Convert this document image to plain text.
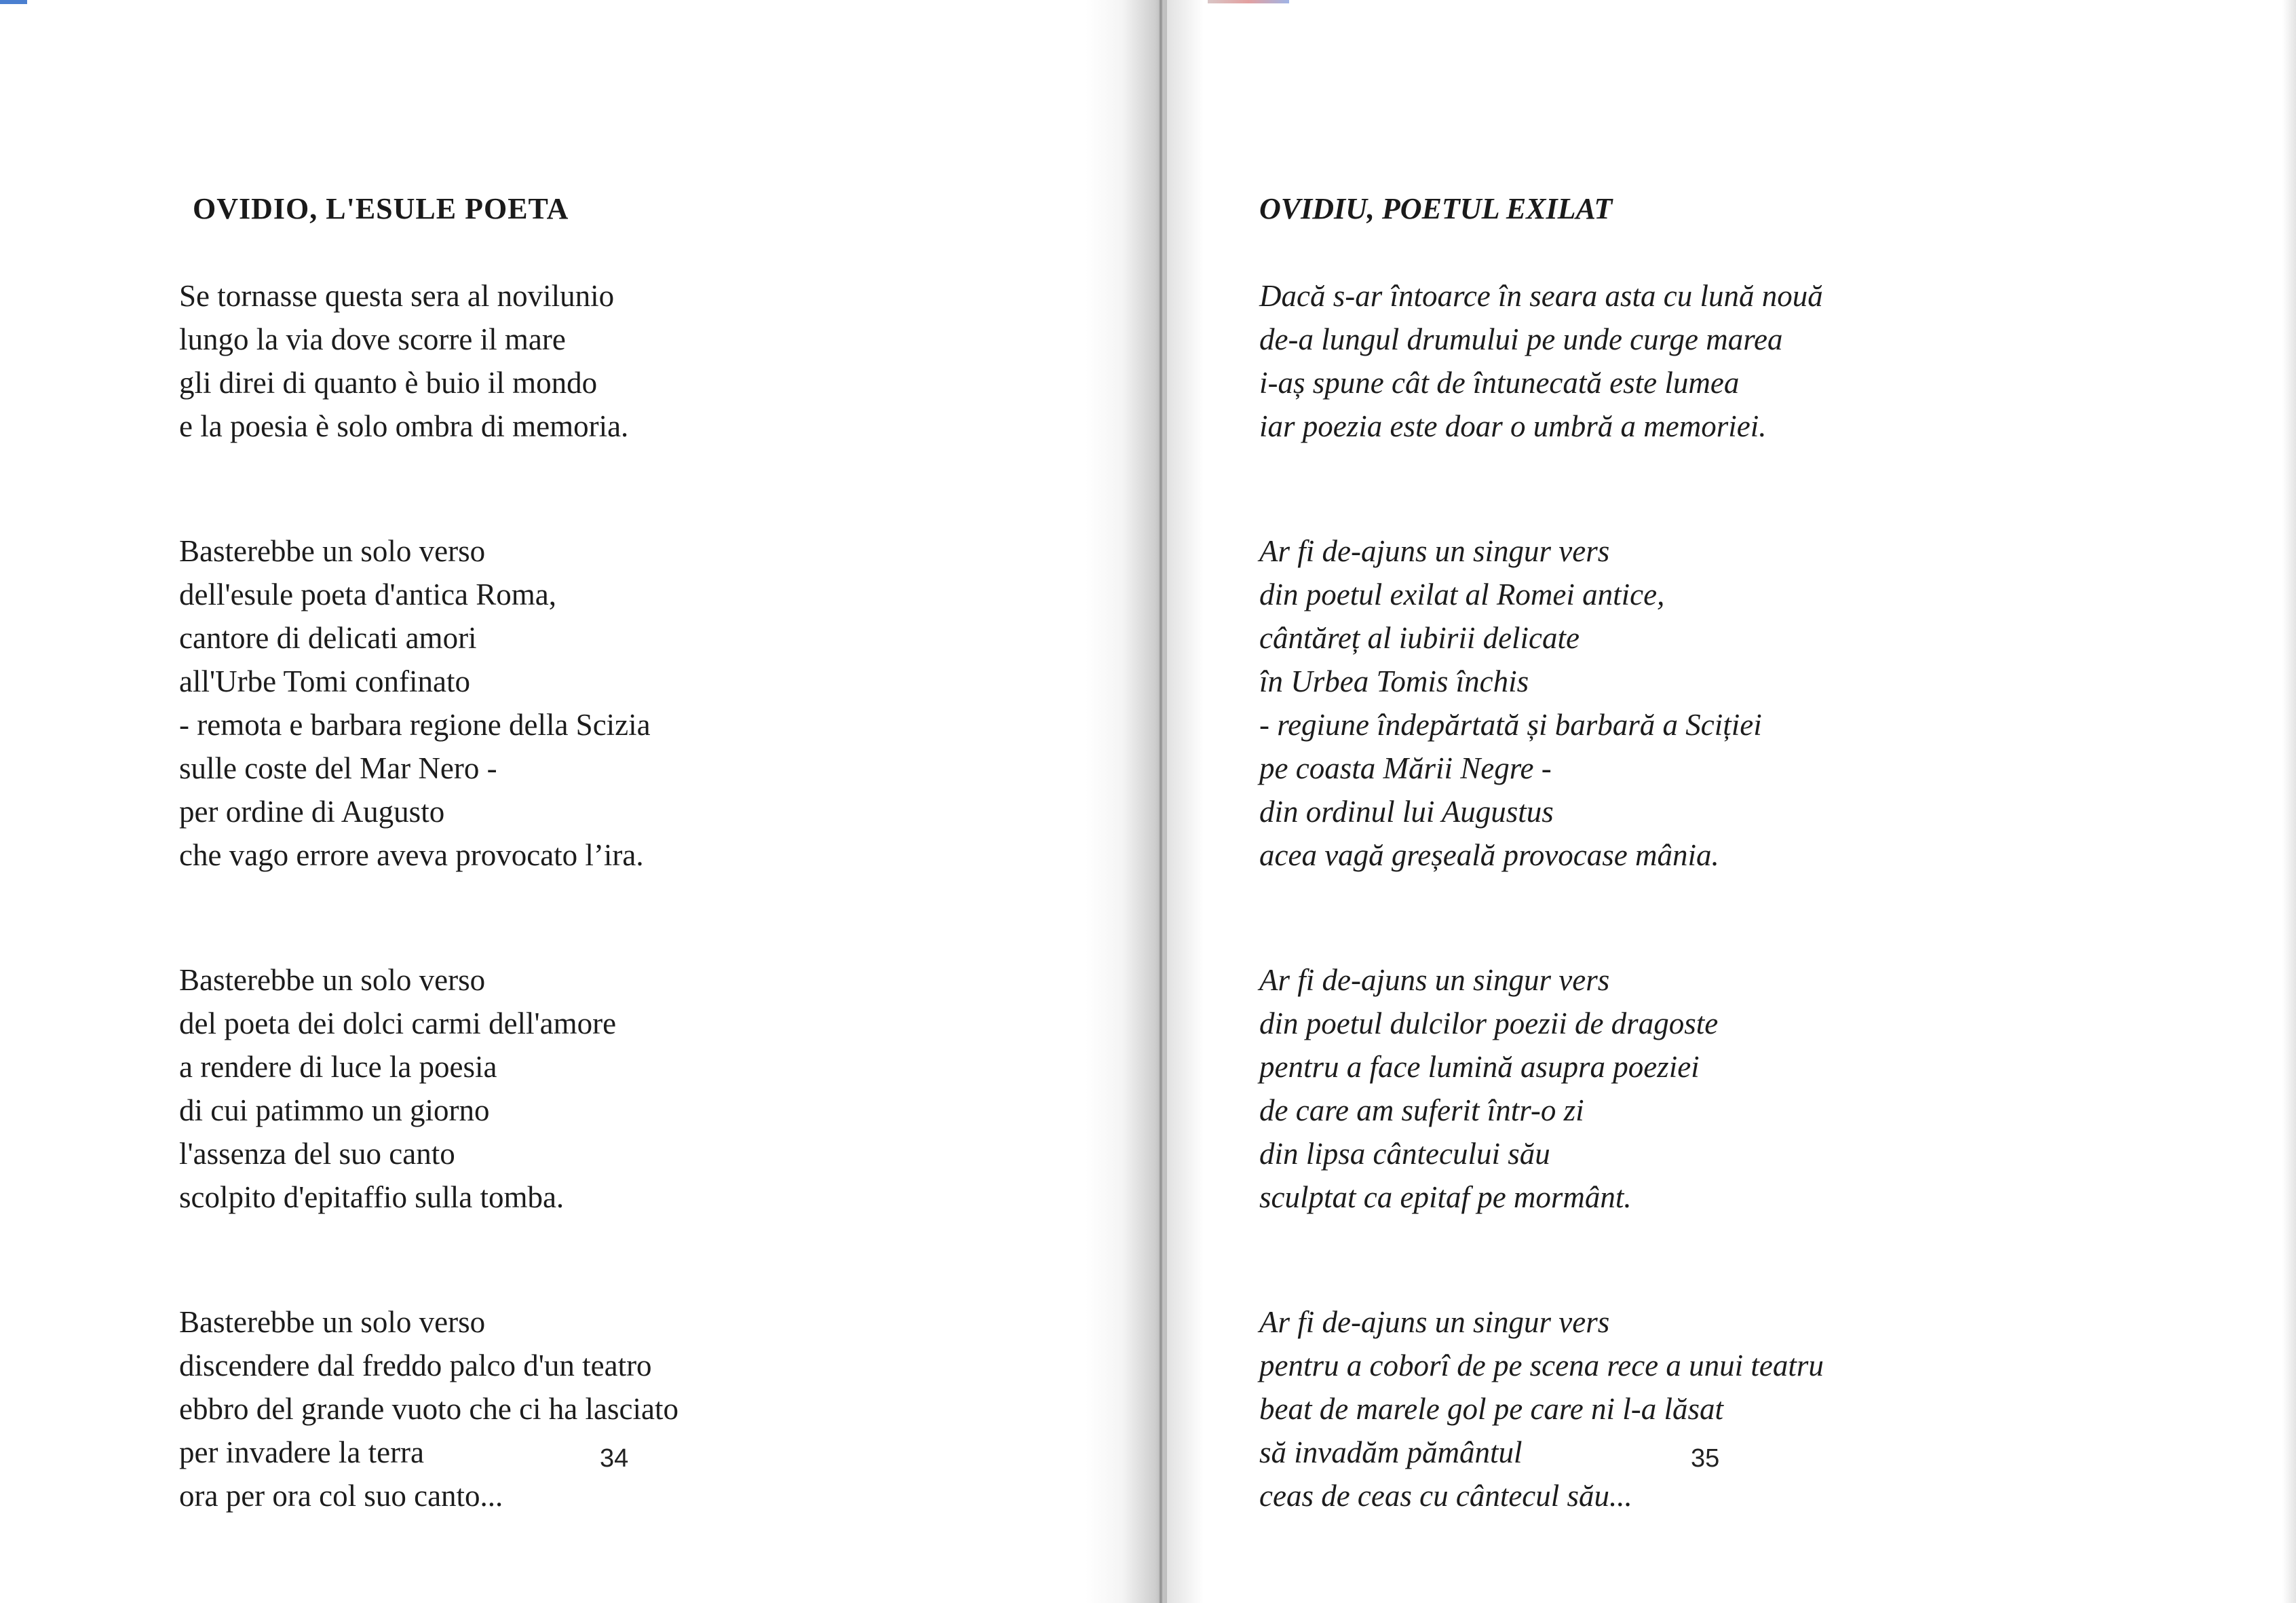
OVIDIO, L'ESULE POETA
Se tornasse questa sera al novilunio
lungo la via dove scorre il mare
gli direi di quanto è buio il mondo
e la poesia è solo ombra di memoria.
Basterebbe un solo verso
dell'esule poeta d'antica Roma,
cantore di delicati amori
all'Urbe Tomi confinato
- remota e barbara regione della Scizia
sulle coste del Mar Nero -
per ordine di Augusto
che vago errore aveva provocato l’ira.
Basterebbe un solo verso
del poeta dei dolci carmi dell'amore
a rendere di luce la poesia
di cui patimmo un giorno
l'assenza del suo canto
scolpito d'epitaffio sulla tomba.
Basterebbe un solo verso
discendere dal freddo palco d'un teatro
ebbro del grande vuoto che ci ha lasciato
per invadere la terra
ora per ora col suo canto...
34
OVIDIU, POETUL EXILAT
Dacă s-ar întoarce în seara asta cu lună nouă
de-a lungul drumului pe unde curge marea
i-aș spune cât de întunecată este lumea
iar poezia este doar o umbră a memoriei.
Ar fi de-ajuns un singur vers
din poetul exilat al Romei antice,
cântăreț al iubirii delicate
în Urbea Tomis închis
- regiune îndepărtată și barbară a Sciției
pe coasta Mării Negre -
din ordinul lui Augustus
acea vagă greșeală provocase mânia.
Ar fi de-ajuns un singur vers
din poetul dulcilor poezii de dragoste
pentru a face lumină asupra poeziei
de care am suferit într-o zi
din lipsa cântecului său
sculptat ca epitaf pe mormânt.
Ar fi de-ajuns un singur vers
pentru a coborî de pe scena rece a unui teatru
beat de marele gol pe care ni l-a lăsat
să invadăm pământul
ceas de ceas cu cântecul său...
35
